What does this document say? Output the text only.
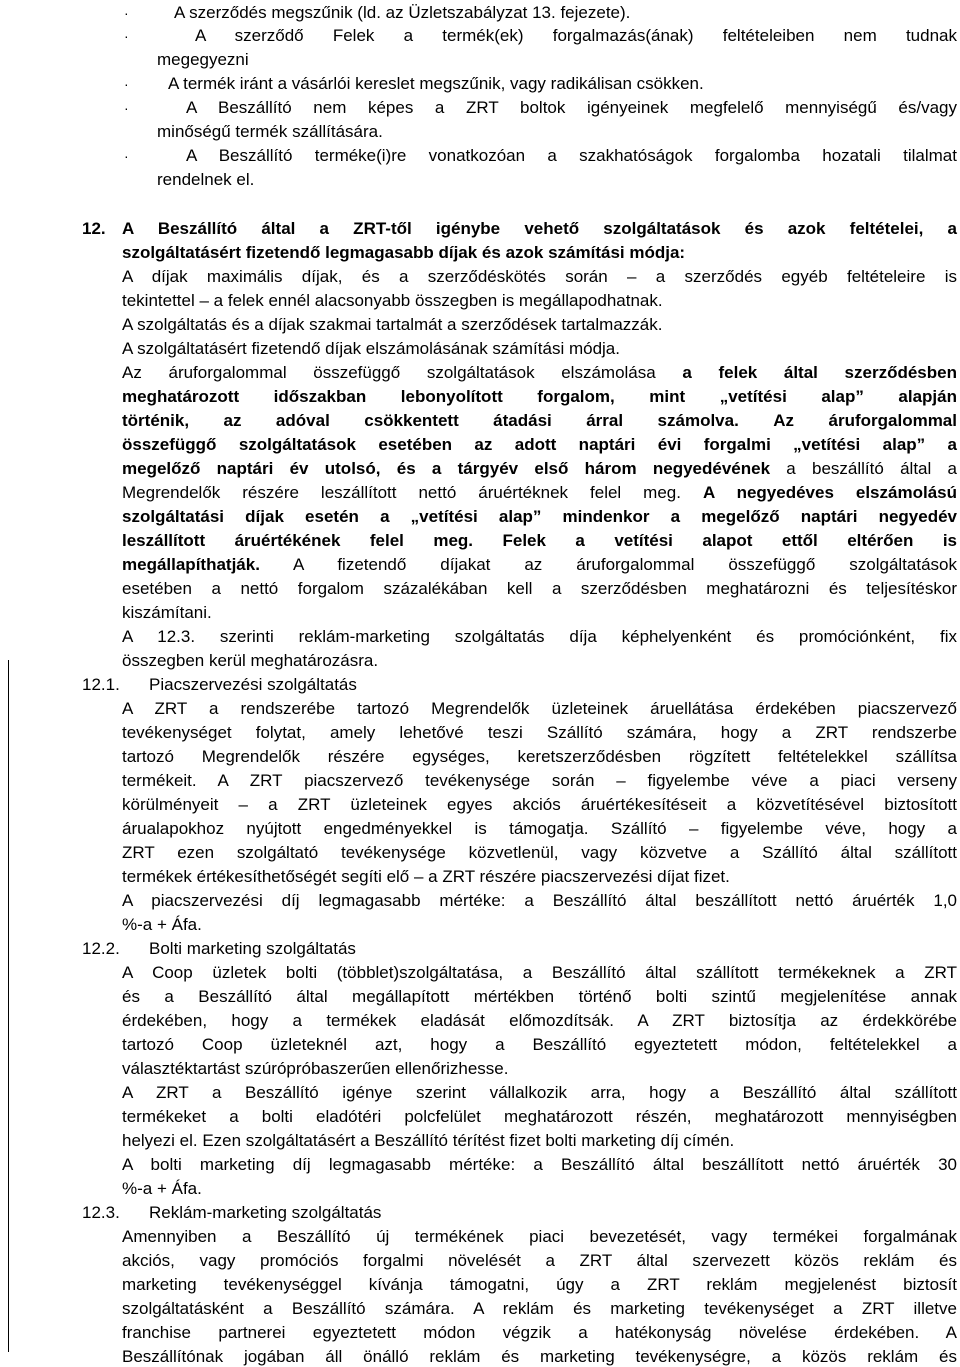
·	A szerződés megszűnik (ld. az Üzletszabályzat 13. fejezete).
·	A szerződő Felek a termék(ek) forgalmazás(ának) feltételeiben nem tudnak
megegyezni
· A termék iránt a vásárlói kereslet megszűnik, vagy radikálisan csökken.
·	A Beszállító nem képes a ZRT boltok igényeinek megfelelő mennyiségű és/vagy
minőségű termék szállítására.
·	A Beszállító terméke(i)re vonatkozóan a szakhatóságok forgalomba hozatali tilalmat
rendelnek el.
12. A Beszállító által a ZRT-től igénybe vehető szolgáltatások és azok feltételei, a
szolgáltatásért fizetendő legmagasabb díjak és azok számítási módja:
A díjak maximális díjak, és a szerződéskötés során – a szerződés egyéb feltételeire is
tekintettel – a felek ennél alacsonyabb összegben is megállapodhatnak.
A szolgáltatás és a díjak szakmai tartalmát a szerződések tartalmazzák.
A szolgáltatásért fizetendő díjak elszámolásának számítási módja.
Az áruforgalommal összefüggő szolgáltatások elszámolása a felek által szerződésben
meghatározott időszakban lebonyolított forgalom, mint „vetítési alap” alapján
történik, az adóval csökkentett átadási árral számolva. Az áruforgalommal
összefüggő szolgáltatások esetében az adott naptári évi forgalmi „vetítési alap” a
megelőző naptári év utolsó, és a tárgyév első három negyedévének a beszállító által a
Megrendelők részére leszállított nettó áruértéknek felel meg. A negyedéves elszámolású
szolgáltatási díjak esetén a „vetítési alap” mindenkor a megelőző naptári negyedév
leszállított áruértékének felel meg. Felek a vetítési alapot ettől eltérően is
megállapíthatják. A fizetendő díjakat az áruforgalommal összefüggő szolgáltatások
esetében a nettó forgalom százalékában kell a szerződésben meghatározni és teljesítéskor
kiszámítani.
A 12.3. szerinti reklám-marketing szolgáltatás díja képhelyenként és promóciónként, fix
összegben kerül meghatározásra.
12.1. Piacszervezési szolgáltatás
A ZRT a rendszerébe tartozó Megrendelők üzleteinek áruellátása érdekében piacszervező
tevékenységet folytat, amely lehetővé teszi Szállító számára, hogy a ZRT rendszerbe
tartozó Megrendelők részére egységes, keretszerződésben rögzített feltételekkel szállítsa
termékeit. A ZRT piacszervező tevékenysége során – figyelembe véve a piaci verseny
körülményeit – a ZRT üzleteinek egyes akciós áruértékesítéseit a közvetítésével biztosított
árualapokhoz nyújtott engedményekkel is támogatja. Szállító – figyelembe véve, hogy a
ZRT ezen szolgáltató tevékenysége közvetlenül, vagy közvetve a Szállító által szállított
termékek értékesíthetőségét segíti elő – a ZRT részére piacszervezési díjat fizet.
A piacszervezési díj legmagasabb mértéke: a Beszállító által beszállított nettó áruérték 1,0
%-a + Áfa.
12.2. Bolti marketing szolgáltatás
A Coop üzletek bolti (többlet)szolgáltatása, a Beszállító által szállított termékeknek a ZRT
és a Beszállító által megállapított mértékben történő bolti szintű megjelenítése annak
érdekében, hogy a termékek eladását előmozdítsák. A ZRT biztosítja az érdekkörébe
tartozó Coop üzleteknél azt, hogy a Beszállító egyeztetett módon, feltételekkel a
választéktartást szúrópróbaszerűen ellenőrizhesse.
A ZRT a Beszállító igénye szerint vállalkozik arra, hogy a Beszállító által szállított
termékeket a bolti eladótéri polcfelület meghatározott részén, meghatározott mennyiségben
helyezi el. Ezen szolgáltatásért a Beszállító térítést fizet bolti marketing díj címén.
A bolti marketing díj legmagasabb mértéke: a Beszállító által beszállított nettó áruérték 30
%-a + Áfa.
12.3. Reklám-marketing szolgáltatás
Amennyiben a Beszállító új termékének piaci bevezetését, vagy termékei forgalmának
akciós, vagy promóciós forgalmi növelését a ZRT által szervezett közös reklám és
marketing tevékenységgel kívánja támogatni, úgy a ZRT reklám megjelenést biztosít
szolgáltatásként a Beszállító számára. A reklám és marketing tevékenységet a ZRT illetve
franchise partnerei egyeztetett módon végzik a hatékonyság növelése érdekében. A
Beszállítónak jogában áll önálló reklám és marketing tevékenységre, a közös reklám és
